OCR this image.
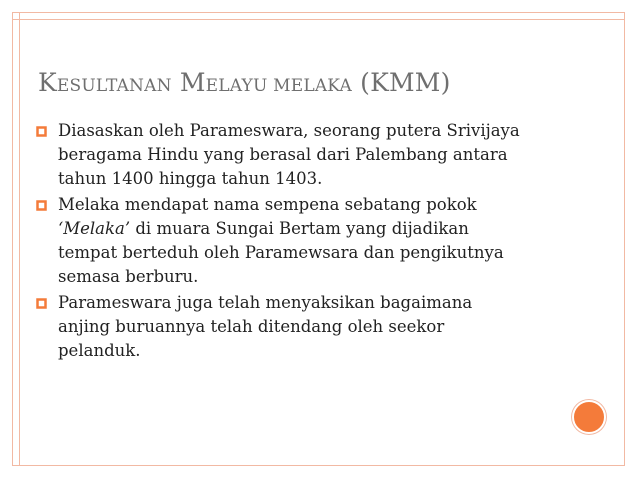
KESULTANAN MELAYU MELAKA (KMM)
Diasaskan oleh Parameswara, seorang putera Srivijaya beragama Hindu yang berasal dari Palembang antara tahun 1400 hingga tahun 1403.
Melaka mendapat nama sempena sebatang pokok ‘Melaka’ di muara Sungai Bertam yang dijadikan tempat berteduh oleh Paramewsara dan pengikutnya semasa berburu.
Parameswara juga telah menyaksikan bagaimana anjing buruannya telah ditendang oleh seekor pelanduk.
